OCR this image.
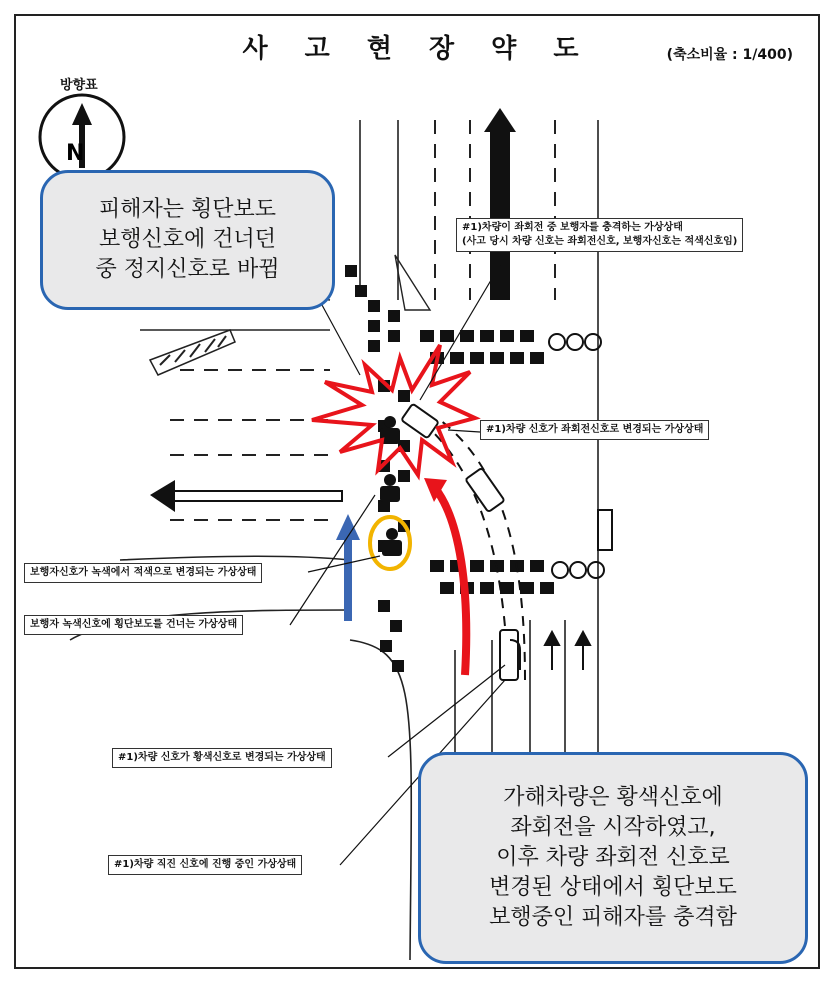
사 고 현 장 약 도	(축소비율 : 1/400)
방향표
N
#1)차량이 좌회전 중 보행자를 충격하는 가상상태
(사고 당시 차량 신호는 좌회전신호, 보행자신호는 적색신호임)
#1)차량 신호가 좌회전신호로 변경되는 가상상태
보행자신호가 녹색에서 적색으로 변경되는 가상상태
보행자 녹색신호에 횡단보도를 건너는 가상상태
#1)차량 신호가 황색신호로 변경되는 가상상태
#1)차량 직진 신호에 진행 중인 가상상태
피해자는 횡단보도
보행신호에 건너던
중 정지신호로 바뀜
가해차량은 황색신호에
좌회전을 시작하였고,
이후 차량 좌회전 신호로
변경된 상태에서 횡단보도
보행중인 피해자를 충격함
